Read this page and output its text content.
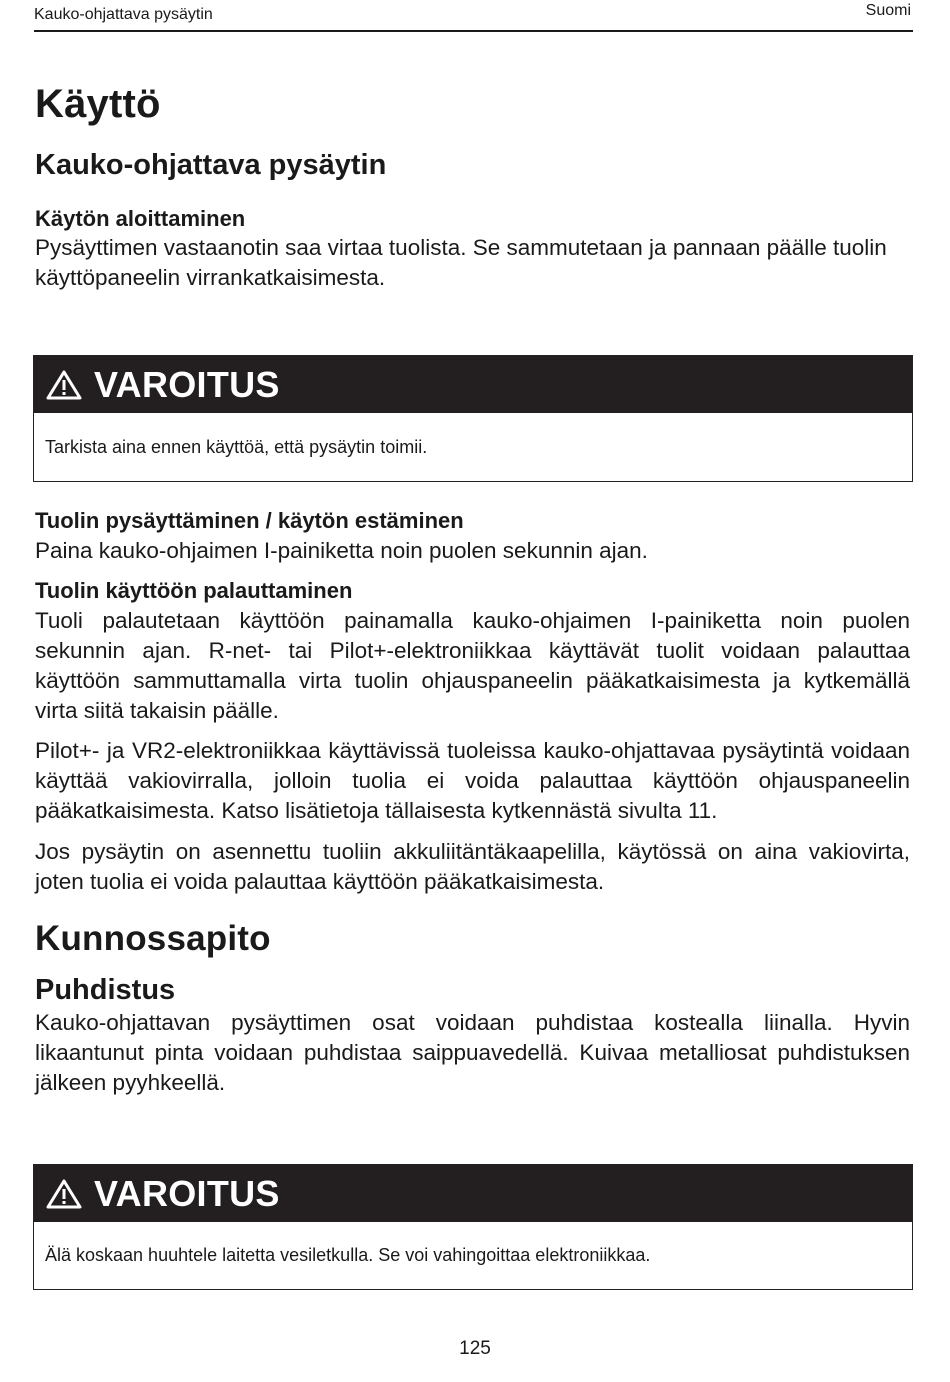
Kauko-ohjattava pysäytin	Suomi
Käyttö
Kauko-ohjattava pysäytin
Käytön aloittaminen
Pysäyttimen vastaanotin saa virtaa tuolista. Se sammutetaan ja pannaan päälle tuolin käyttöpaneelin virrankatkaisimesta.
VAROITUS
Tarkista aina ennen käyttöä, että pysäytin toimii.
Tuolin pysäyttäminen / käytön estäminen
Paina kauko-ohjaimen I-painiketta noin puolen sekunnin ajan.
Tuolin käyttöön palauttaminen
Tuoli palautetaan käyttöön painamalla kauko-ohjaimen I-painiketta noin puolen sekunnin ajan. R-net- tai Pilot+-elektroniikkaa käyttävät tuolit voidaan palauttaa käyttöön sammuttamalla virta tuolin ohjauspaneelin pääkatkaisimesta ja kytkemällä virta siitä takaisin päälle.
Pilot+- ja VR2-elektroniikkaa käyttävissä tuoleissa kauko-ohjattavaa pysäytintä voidaan käyttää vakiovirralla, jolloin tuolia ei voida palauttaa käyttöön ohjauspaneelin pääkatkaisimesta. Katso lisätietoja tällaisesta kytkennästä sivulta 11.
Jos pysäytin on asennettu tuoliin akkuliitäntäkaapelilla, käytössä on aina vakiovirta, joten tuolia ei voida palauttaa käyttöön pääkatkaisimesta.
Kunnossapito
Puhdistus
Kauko-ohjattavan pysäyttimen osat voidaan puhdistaa kostealla liinalla. Hyvin likaantunut pinta voidaan puhdistaa saippuavedellä. Kuivaa metalliosat puhdistuksen jälkeen pyyhkeellä.
VAROITUS
Älä koskaan huuhtele laitetta vesiletkulla. Se voi vahingoittaa elektroniikkaa.
125
